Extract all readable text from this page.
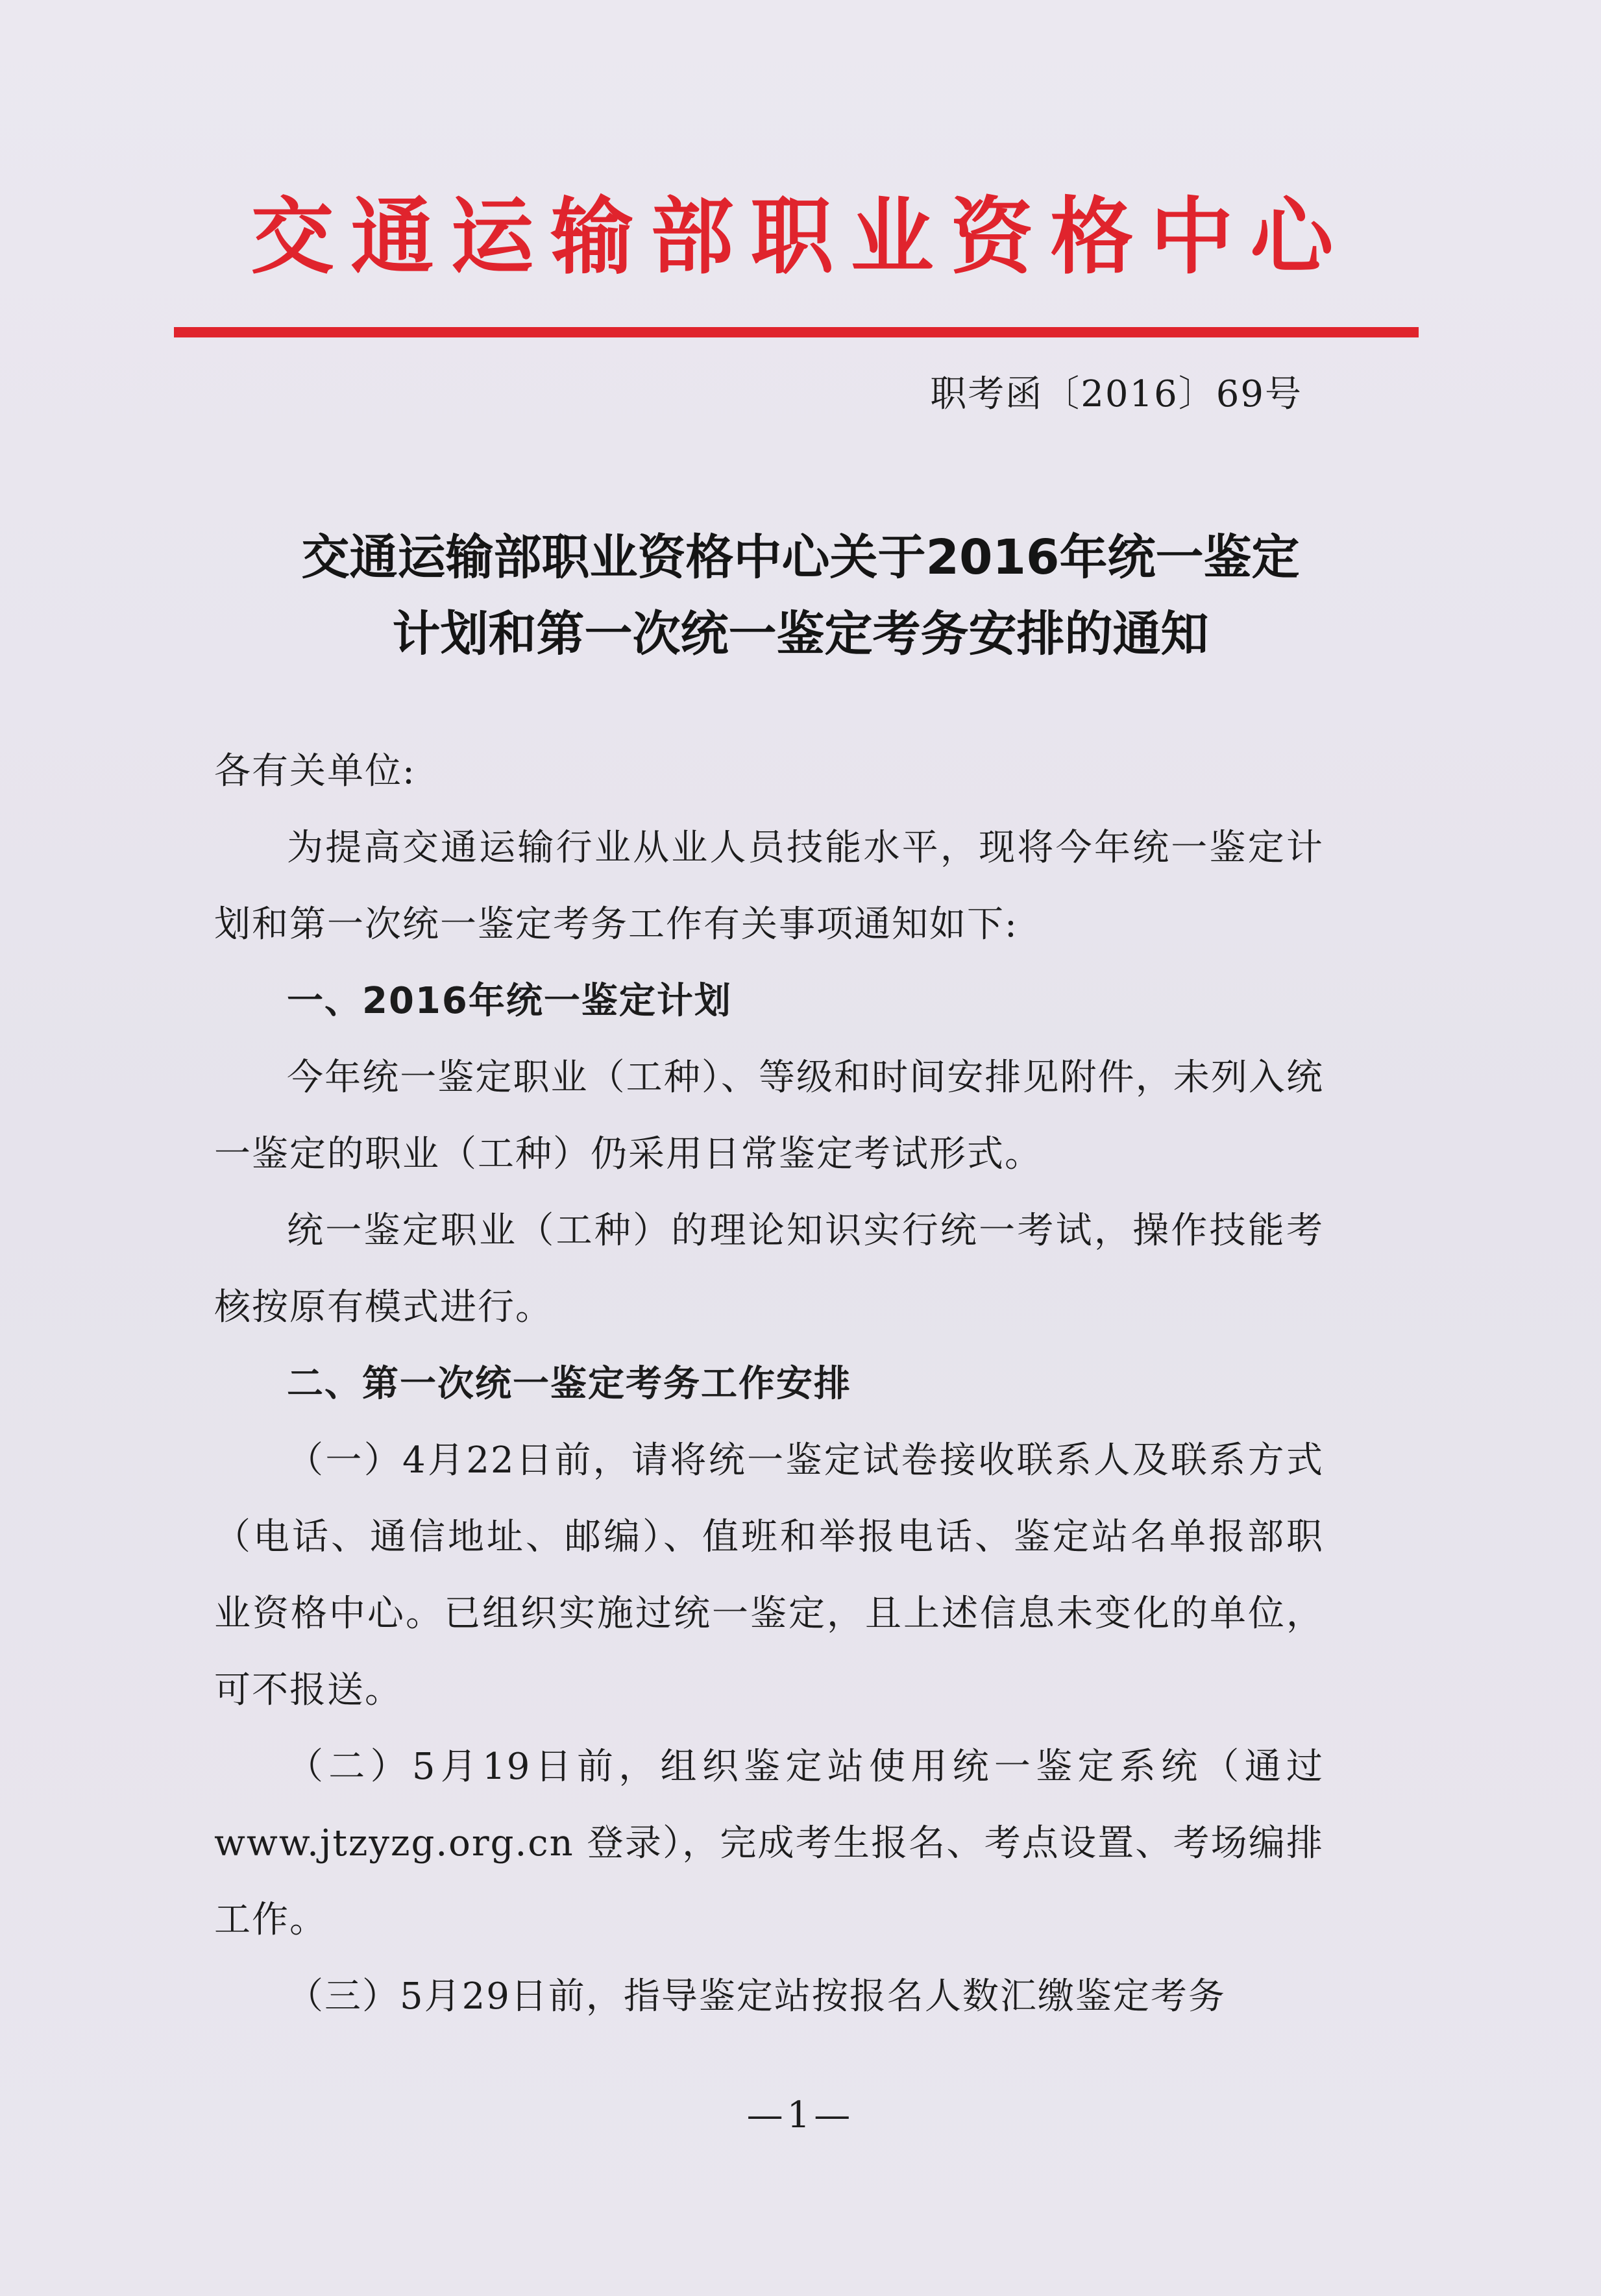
交通运输部职业资格中心
职考函〔2016〕69号
交通运输部职业资格中心关于2016年统一鉴定
计划和第一次统一鉴定考务安排的通知

各有关单位:

为提高交通运输行业从业人员技能水平，现将今年统一鉴定计划和第一次统一鉴定考务工作有关事项通知如下:

一、2016年统一鉴定计划

今年统一鉴定职业（工种）、等级和时间安排见附件，未列入统一鉴定的职业（工种）仍采用日常鉴定考试形式。

统一鉴定职业（工种）的理论知识实行统一考试，操作技能考核按原有模式进行。

二、第一次统一鉴定考务工作安排

（一）4月22日前，请将统一鉴定试卷接收联系人及联系方式（电话、通信地址、邮编）、值班和举报电话、鉴定站名单报部职业资格中心。已组织实施过统一鉴定，且上述信息未变化的单位，可不报送。

（二）5月19日前，组织鉴定站使用统一鉴定系统（通过 www.jtzyzg.org.cn 登录），完成考生报名、考点设置、考场编排工作。

（三）5月29日前，指导鉴定站按报名人数汇缴鉴定考务

—1—
